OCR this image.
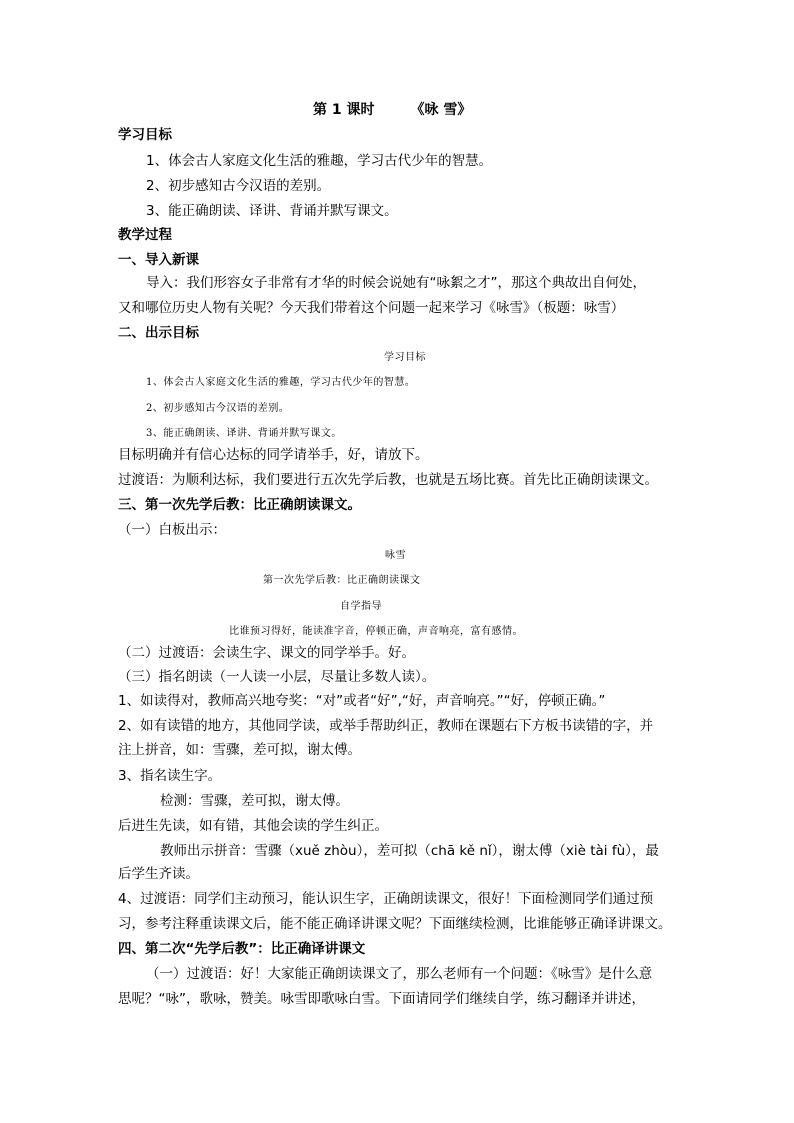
第 1 课时	《咏 雪》
学习目标
1、体会古人家庭文化生活的雅趣，学习古代少年的智慧。
2、初步感知古今汉语的差别。
3、能正确朗读、译讲、背诵并默写课文。
教学过程
一、导入新课
导入：我们形容女子非常有才华的时候会说她有“咏絮之才”，那这个典故出自何处，
又和哪位历史人物有关呢？今天我们带着这个问题一起来学习《咏雪》（板题：咏雪）
二、出示目标
学习目标
1、体会古人家庭文化生活的雅趣，学习古代少年的智慧。
2、初步感知古今汉语的差别。
3、能正确朗读、译讲、背诵并默写课文。
目标明确并有信心达标的同学请举手，好，请放下。
过渡语：为顺利达标，我们要进行五次先学后教，也就是五场比赛。首先比正确朗读课文。
三、第一次先学后教：比正确朗读课文。
（一）白板出示：
咏雪
第一次先学后教：比正确朗读课文
自学指导
比谁预习得好，能读准字音，停顿正确，声音响亮，富有感情。
（二）过渡语：会读生字、课文的同学举手。好。
（三）指名朗读（一人读一小层，尽量让多数人读）。
1、如读得对，教师高兴地夸奖：“对”或者“好”,“好，声音响亮。”“好，停顿正确。”
2、如有读错的地方，其他同学读，或举手帮助纠正，教师在课题右下方板书读错的字，并
注上拼音，如：雪骤，差可拟，谢太傅。
3、指名读生字。
检测：雪骤，差可拟，谢太傅。
后进生先读，如有错，其他会读的学生纠正。
教师出示拼音：雪骤（xuě zhòu），差可拟（chā kě nǐ），谢太傅（xiè tài fù），最
后学生齐读。
4、过渡语：同学们主动预习，能认识生字，正确朗读课文，很好！下面检测同学们通过预
习，参考注释重读课文后，能不能正确译讲课文呢？下面继续检测，比谁能够正确译讲课文。
四、第二次“先学后教”：比正确译讲课文
（一）过渡语：好！大家能正确朗读课文了，那么老师有一个问题：《咏雪》是什么意
思呢？“咏”，歌咏，赞美。咏雪即歌咏白雪。下面请同学们继续自学，练习翻译并讲述，
